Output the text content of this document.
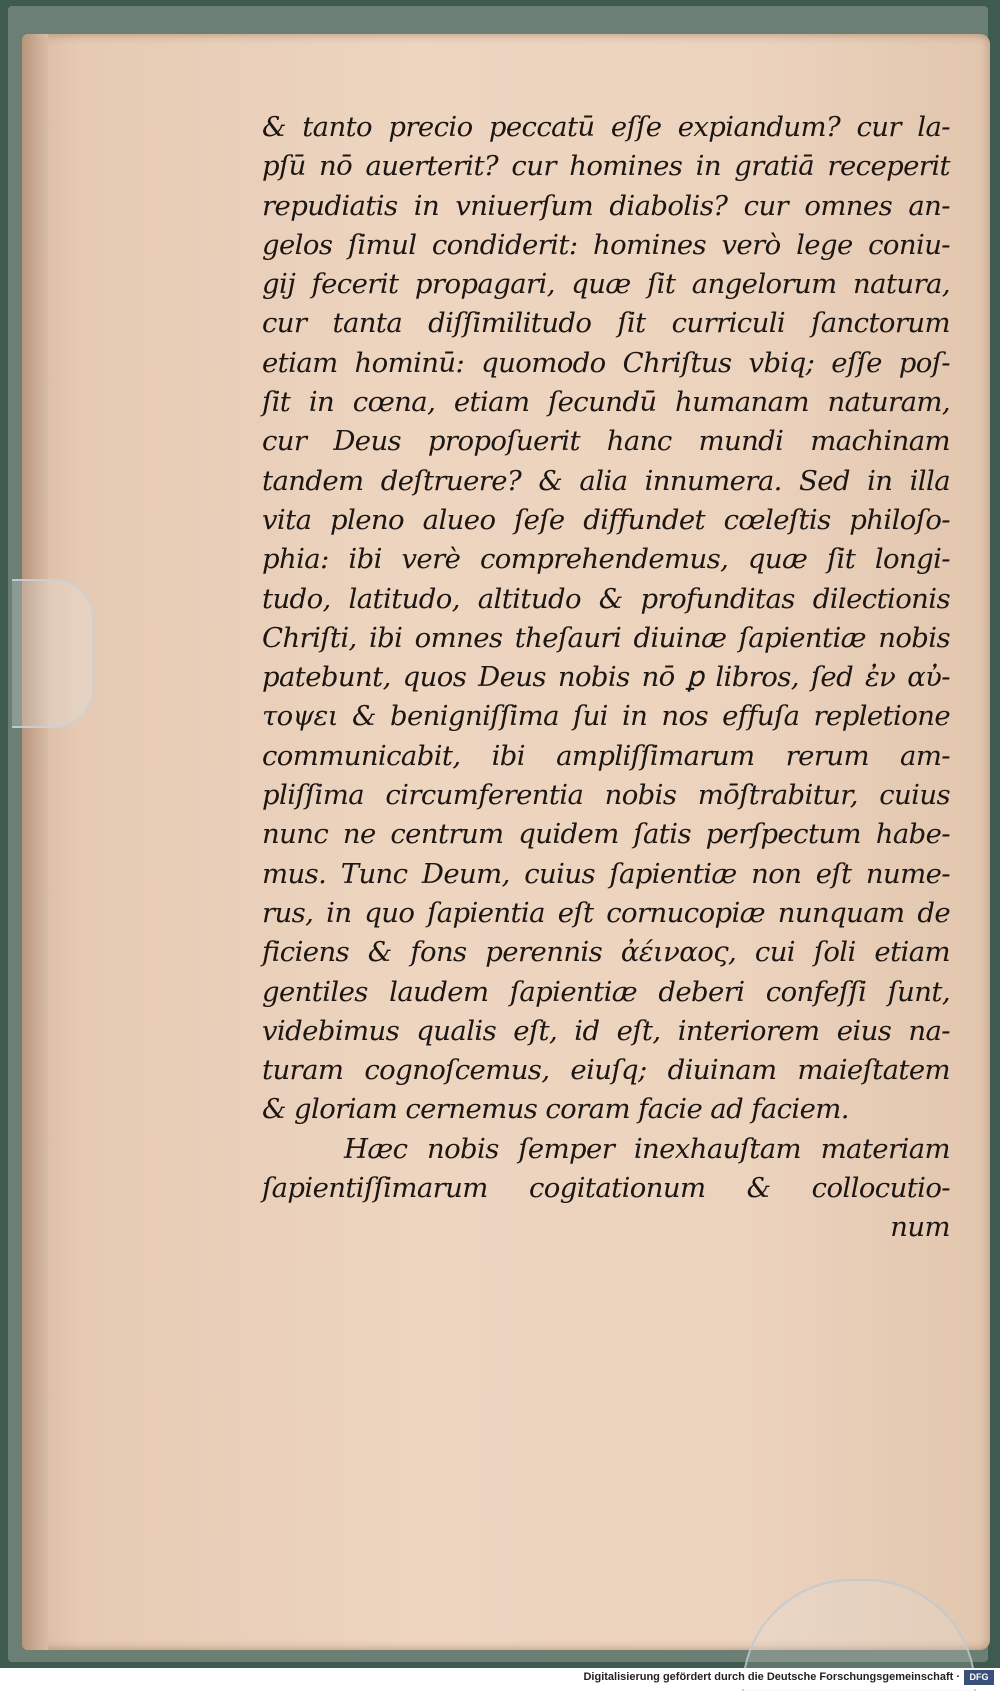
& tanto precio peccatū eſſe expiandum? cur la-
pſū nō auerterit? cur homines in gratiā receperit
repudiatis in vniuerſum diabolis? cur omnes an-
gelos ſimul condiderit: homines verò lege coniu-
gij fecerit propagari, quæ ſit angelorum natura,
cur tanta diſſimilitudo ſit curriculi ſanctorum
etiam hominū: quomodo Chriſtus vbiq; eſſe poſ-
ſit in cœna, etiam ſecundū humanam naturam,
cur Deus propoſuerit hanc mundi machinam
tandem deſtruere? & alia innumera. Sed in illa
vita pleno alueo ſeſe diffundet cœleſtis philoſo-
phia: ibi verè comprehendemus, quæ ſit longi-
tudo, latitudo, altitudo & profunditas dilectionis
Chriſti, ibi omnes theſauri diuinæ ſapientiæ nobis
patebunt, quos Deus nobis nō ꝑ libros, ſed ἐν αὐ-
τοψει & benigniſſima ſui in nos effuſa repletione
communicabit, ibi ampliſſimarum rerum am-
pliſſima circumferentia nobis mōſtrabitur, cuius
nunc ne centrum quidem ſatis perſpectum habe-
mus. Tunc Deum, cuius ſapientiæ non eſt nume-
rus, in quo ſapientia eſt cornucopiæ nunquam de
ficiens & fons perennis ἀέιναος, cui ſoli etiam
gentiles laudem ſapientiæ deberi confeſſi ſunt,
videbimus qualis eſt, id eſt, interiorem eius na-
turam cognoſcemus, eiuſq; diuinam maieſtatem
& gloriam cernemus coram facie ad faciem.
Hæc nobis ſemper inexhauſtam materiam
ſapientiſſimarum cogitationum & collocutio-
num
Digitalisierung gefördert durch die Deutsche Forschungsgemeinschaft ·	DFG
